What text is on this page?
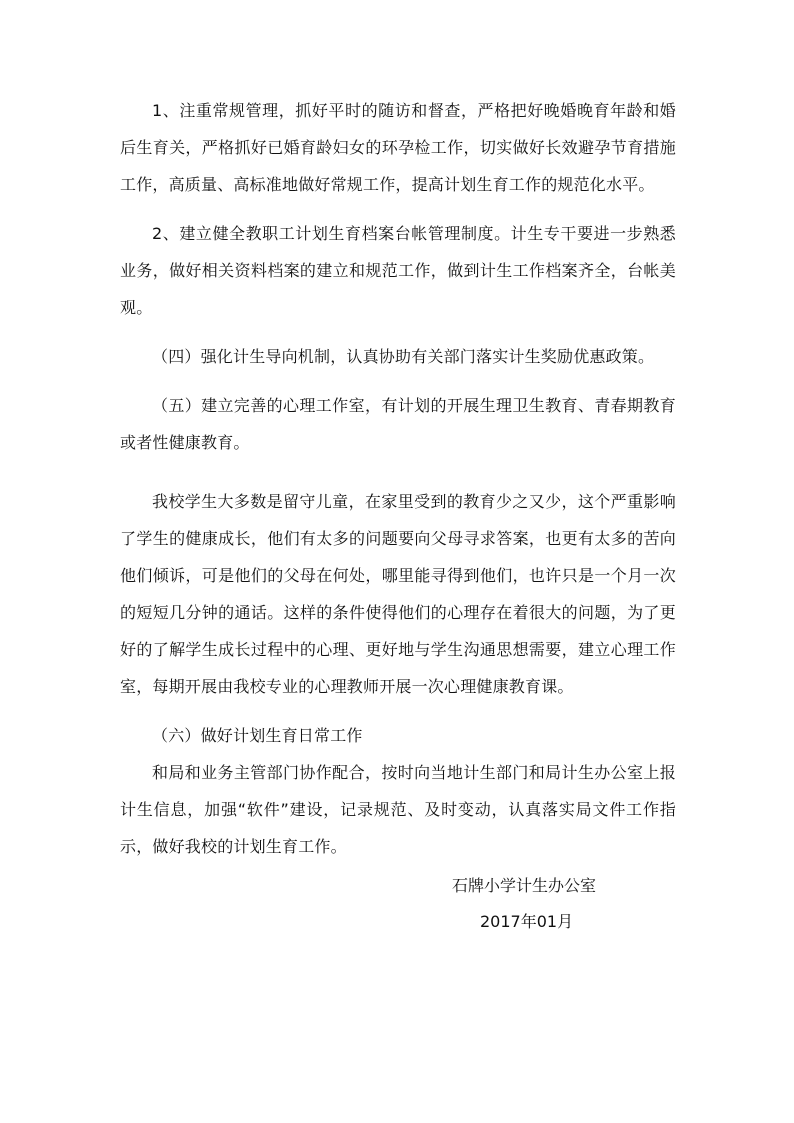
1、注重常规管理，抓好平时的随访和督查，严格把好晚婚晚育年龄和婚后生育关，严格抓好已婚育龄妇女的环孕检工作，切实做好长效避孕节育措施工作，高质量、高标准地做好常规工作，提高计划生育工作的规范化水平。

2、建立健全教职工计划生育档案台帐管理制度。计生专干要进一步熟悉业务，做好相关资料档案的建立和规范工作，做到计生工作档案齐全，台帐美观。

（四）强化计生导向机制，认真协助有关部门落实计生奖励优惠政策。

（五）建立完善的心理工作室，有计划的开展生理卫生教育、青春期教育或者性健康教育。

我校学生大多数是留守儿童，在家里受到的教育少之又少，这个严重影响了学生的健康成长，他们有太多的问题要向父母寻求答案，也更有太多的苦向他们倾诉，可是他们的父母在何处，哪里能寻得到他们，也许只是一个月一次的短短几分钟的通话。这样的条件使得他们的心理存在着很大的问题，为了更好的了解学生成长过程中的心理、更好地与学生沟通思想需要，建立心理工作室，每期开展由我校专业的心理教师开展一次心理健康教育课。

（六）做好计划生育日常工作

和局和业务主管部门协作配合，按时向当地计生部门和局计生办公室上报计生信息，加强“软件”建设，记录规范、及时变动，认真落实局文件工作指示，做好我校的计划生育工作。

石牌小学计生办公室
2017年01月
